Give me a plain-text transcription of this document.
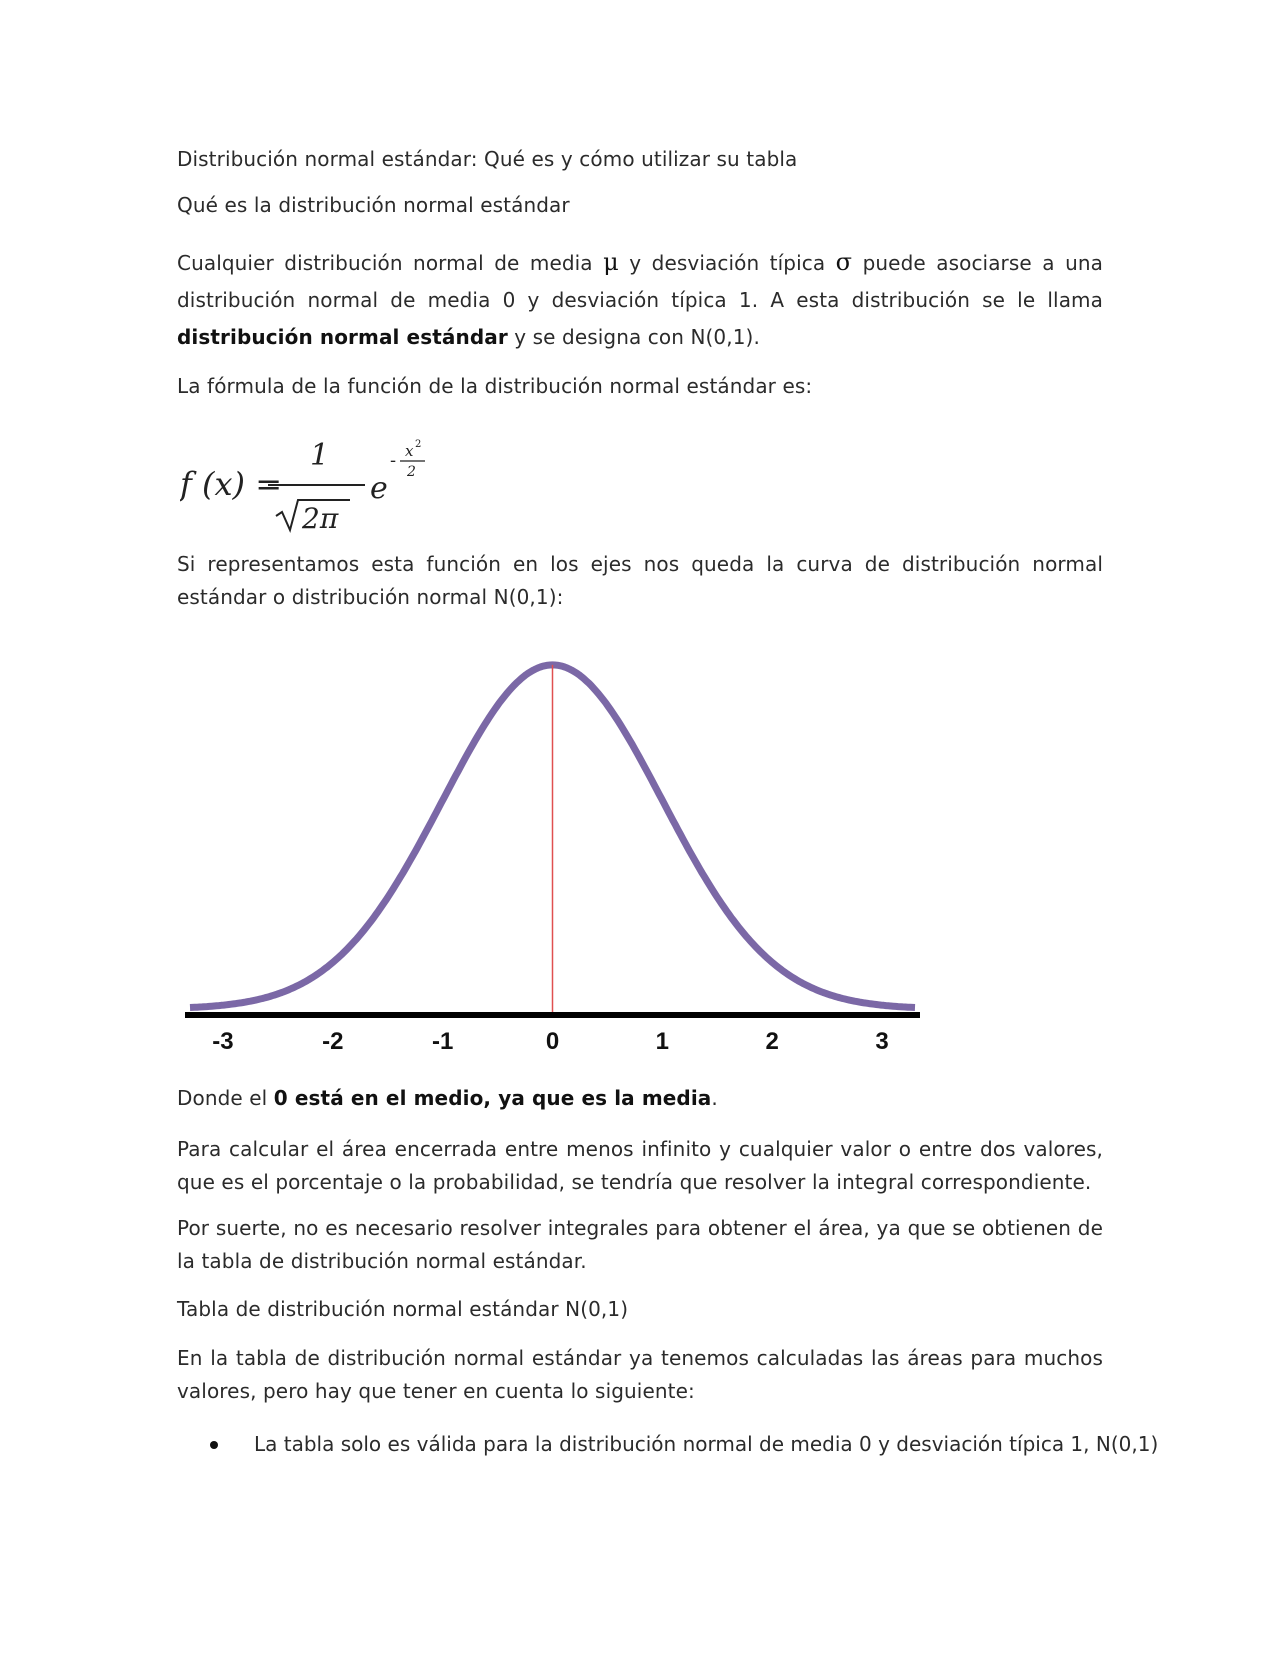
Distribución normal estándar: Qué es y cómo utilizar su tabla

Qué es la distribución normal estándar

Cualquier distribución normal de media μ y desviación típica σ puede asociarse a una distribución normal de media 0 y desviación típica 1. A esta distribución se le llama distribución normal estándar y se designa con N(0,1).

La fórmula de la función de la distribución normal estándar es:

f (x) =
1
2π
e
- x 2
2

Si representamos esta función en los ejes nos queda la curva de distribución normal estándar o distribución normal N(0,1):

-3	-2	-1	0	1	2	3

Donde el 0 está en el medio, ya que es la media.

Para calcular el área encerrada entre menos infinito y cualquier valor o entre dos valores, que es el porcentaje o la probabilidad, se tendría que resolver la integral correspondiente.

Por suerte, no es necesario resolver integrales para obtener el área, ya que se obtienen de la tabla de distribución normal estándar.

Tabla de distribución normal estándar N(0,1)

En la tabla de distribución normal estándar ya tenemos calculadas las áreas para muchos valores, pero hay que tener en cuenta lo siguiente:

La tabla solo es válida para la distribución normal de media 0 y desviación típica 1, N(0,1)
